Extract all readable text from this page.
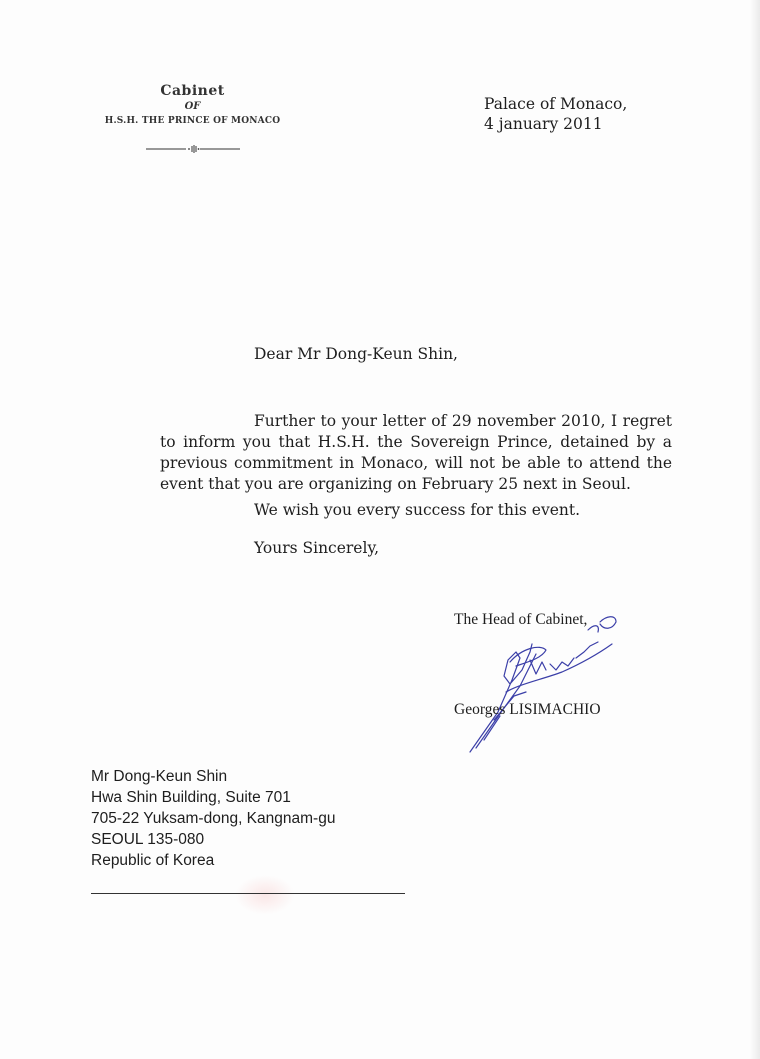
Cabinet
OF
H.S.H. THE PRINCE OF MONACO
Palace of Monaco,
4 january 2011
Dear Mr Dong-Keun Shin,
Further to your letter of 29 november 2010, I regret to inform you that H.S.H. the Sovereign Prince, detained by a previous commitment in Monaco, will not be able to attend the event that you are organizing on February 25 next in Seoul.
We wish you every success for this event.
Yours Sincerely,
The Head of Cabinet,
Georges LISIMACHIO
Mr Dong-Keun Shin
Hwa Shin Building, Suite 701
705-22 Yuksam-dong, Kangnam-gu
SEOUL 135-080
Republic of Korea
